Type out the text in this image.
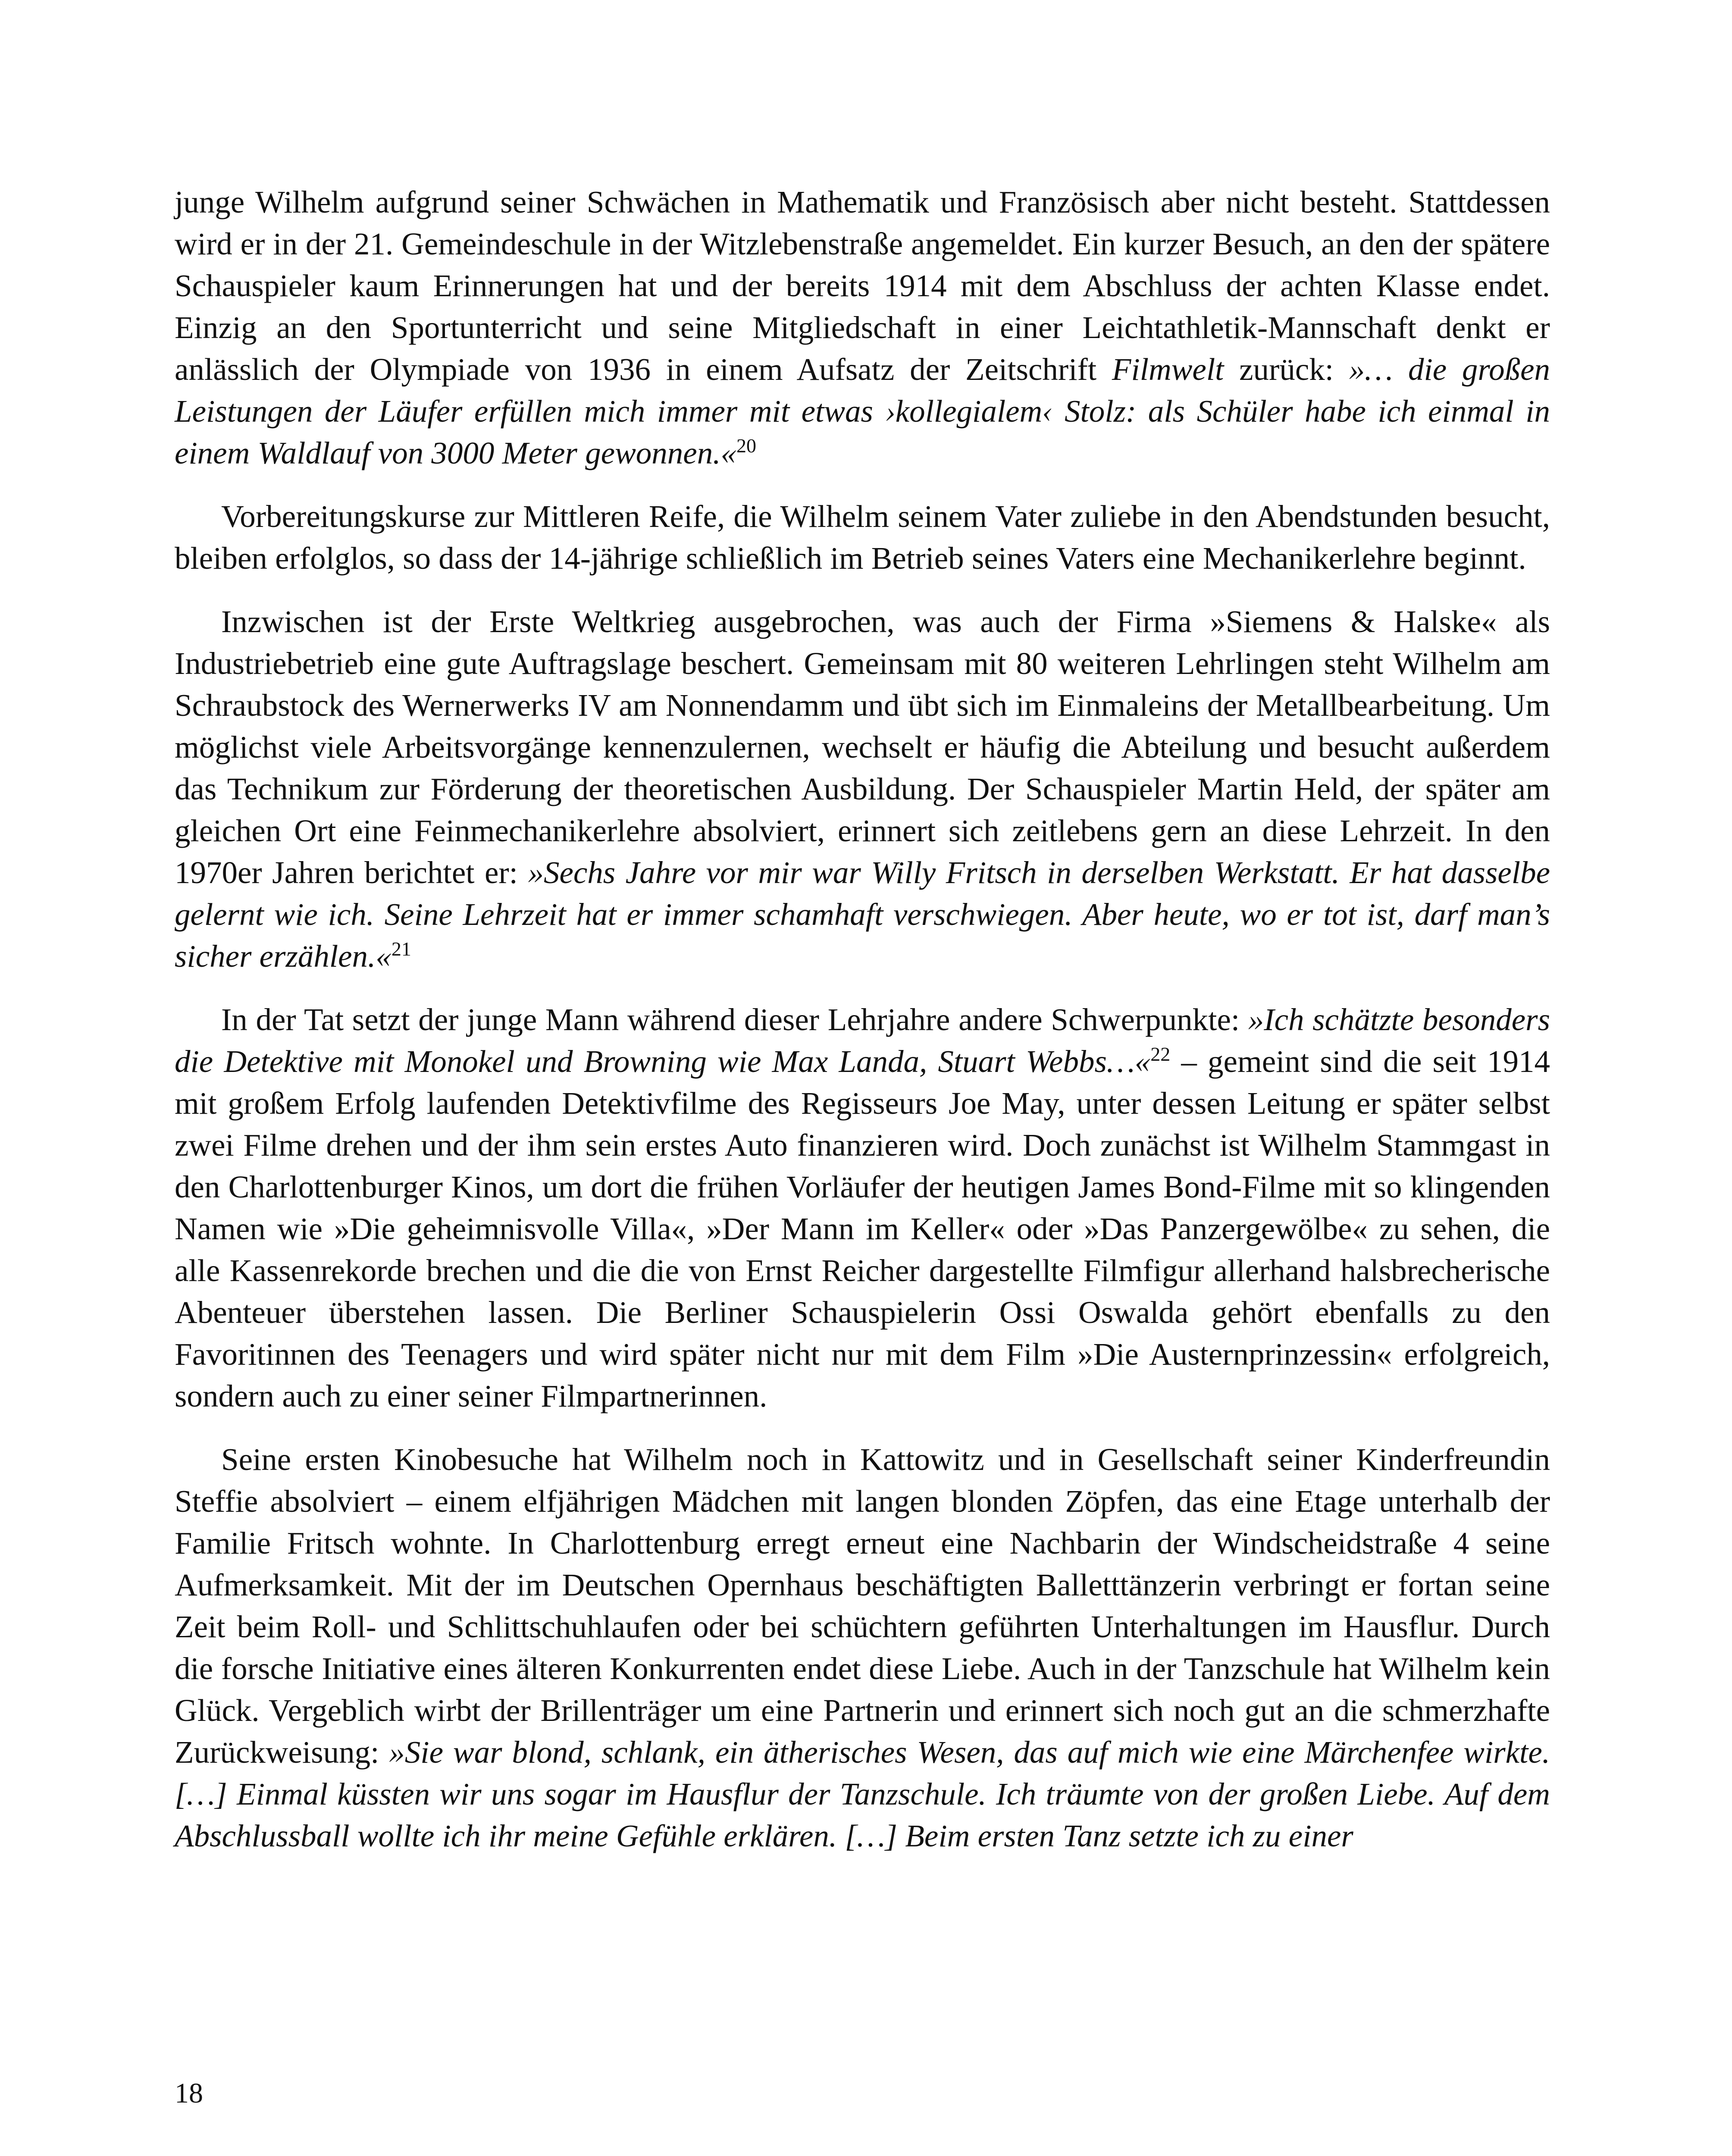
junge Wilhelm aufgrund seiner Schwächen in Mathematik und Französisch aber nicht besteht. Stattdessen wird er in der 21. Gemeindeschule in der Witzlebenstraße angemeldet. Ein kurzer Besuch, an den der spätere Schauspieler kaum Erinnerungen hat und der bereits 1914 mit dem Abschluss der achten Klasse endet. Einzig an den Sportunterricht und seine Mitgliedschaft in einer Leichtathletik-Mannschaft denkt er anlässlich der Olympiade von 1936 in einem Aufsatz der Zeitschrift Filmwelt zurück: »… die großen Leistungen der Läufer erfüllen mich immer mit etwas ›kollegialem‹ Stolz: als Schüler habe ich einmal in einem Waldlauf von 3000 Meter gewonnen.«$^{20}$

Vorbereitungskurse zur Mittleren Reife, die Wilhelm seinem Vater zuliebe in den Abendstunden besucht, bleiben erfolglos, so dass der 14-jährige schließlich im Betrieb seines Vaters eine Mechanikerlehre beginnt.

Inzwischen ist der Erste Weltkrieg ausgebrochen, was auch der Firma »Siemens & Halske« als Industriebetrieb eine gute Auftragslage beschert. Gemeinsam mit 80 weiteren Lehrlingen steht Wilhelm am Schraubstock des Wernerwerks IV am Nonnendamm und übt sich im Einmaleins der Metallbearbeitung. Um möglichst viele Arbeitsvorgänge kennenzulernen, wechselt er häufig die Abteilung und besucht außerdem das Technikum zur Förderung der theoretischen Ausbildung. Der Schauspieler Martin Held, der später am gleichen Ort eine Feinmechanikerlehre absolviert, erinnert sich zeitlebens gern an diese Lehrzeit. In den 1970er Jahren berichtet er: »Sechs Jahre vor mir war Willy Fritsch in derselben Werkstatt. Er hat dasselbe gelernt wie ich. Seine Lehrzeit hat er immer schamhaft verschwiegen. Aber heute, wo er tot ist, darf man’s sicher erzählen.«$^{21}$

In der Tat setzt der junge Mann während dieser Lehrjahre andere Schwerpunkte: »Ich schätzte besonders die Detektive mit Monokel und Browning wie Max Landa, Stuart Webbs…«$^{22}$ – gemeint sind die seit 1914 mit großem Erfolg laufenden Detektivfilme des Regisseurs Joe May, unter dessen Leitung er später selbst zwei Filme drehen und der ihm sein erstes Auto finanzieren wird. Doch zunächst ist Wilhelm Stammgast in den Charlottenburger Kinos, um dort die frühen Vorläufer der heutigen James Bond-Filme mit so klingenden Namen wie »Die geheimnisvolle Villa«, »Der Mann im Keller« oder »Das Panzergewölbe« zu sehen, die alle Kassenrekorde brechen und die die von Ernst Reicher dargestellte Filmfigur allerhand halsbrecherische Abenteuer überstehen lassen. Die Berliner Schauspielerin Ossi Oswalda gehört ebenfalls zu den Favoritinnen des Teenagers und wird später nicht nur mit dem Film »Die Austernprinzessin« erfolgreich, sondern auch zu einer seiner Filmpartnerinnen.

Seine ersten Kinobesuche hat Wilhelm noch in Kattowitz und in Gesellschaft seiner Kinderfreundin Steffie absolviert – einem elfjährigen Mädchen mit langen blonden Zöpfen, das eine Etage unterhalb der Familie Fritsch wohnte. In Charlottenburg erregt erneut eine Nachbarin der Windscheidstraße 4 seine Aufmerksamkeit. Mit der im Deutschen Opernhaus beschäftigten Balletttänzerin verbringt er fortan seine Zeit beim Roll- und Schlittschuhlaufen oder bei schüchtern geführten Unterhaltungen im Hausflur. Durch die forsche Initiative eines älteren Konkurrenten endet diese Liebe. Auch in der Tanzschule hat Wilhelm kein Glück. Vergeblich wirbt der Brillenträger um eine Partnerin und erinnert sich noch gut an die schmerzhafte Zurückweisung: »Sie war blond, schlank, ein ätherisches Wesen, das auf mich wie eine Märchenfee wirkte. […] Einmal küssten wir uns sogar im Hausflur der Tanzschule. Ich träumte von der großen Liebe. Auf dem Abschlussball wollte ich ihr meine Gefühle erklären. […] Beim ersten Tanz setzte ich zu einer

18
